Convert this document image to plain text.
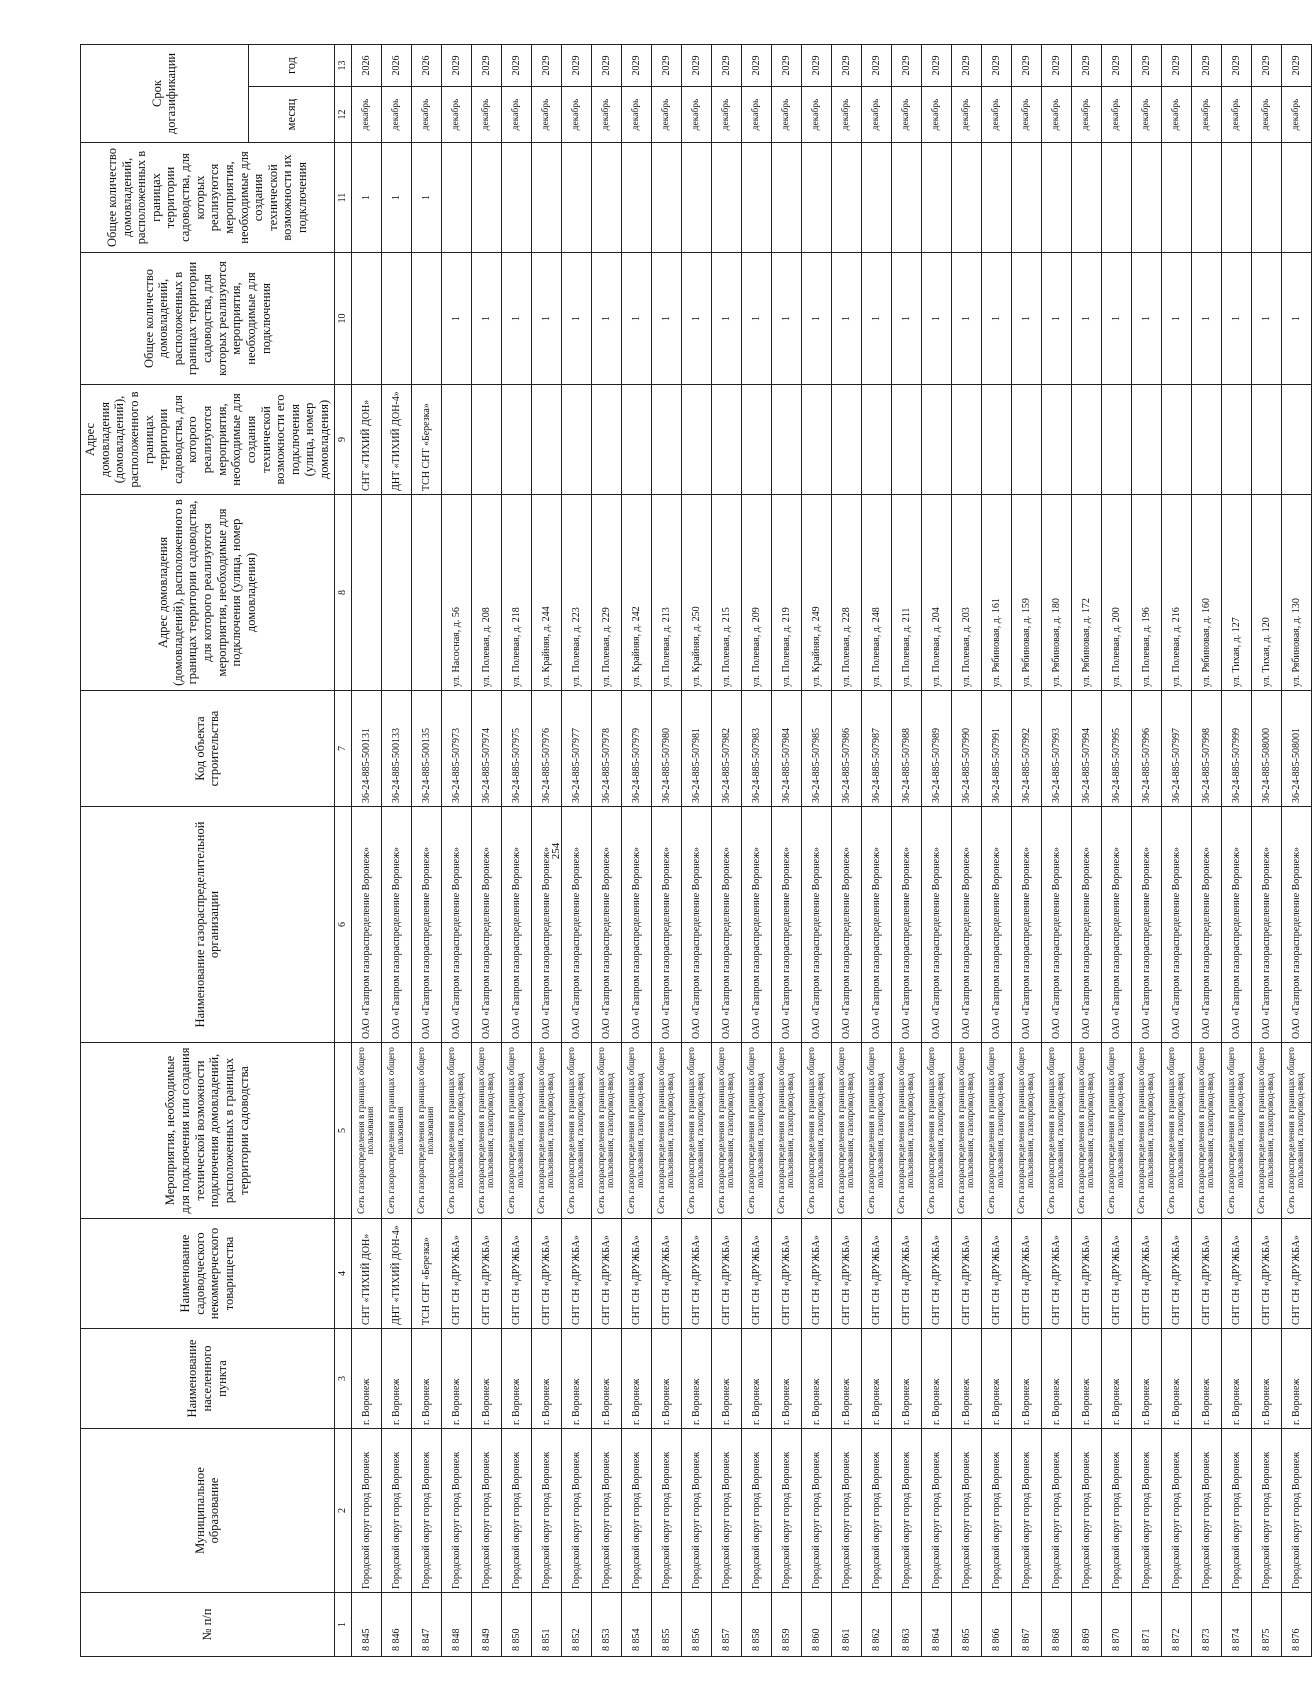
254
№ п/п	Муниципальное образование	Наименование населенного пункта	Наименование садоводческого некоммерческого товарищества	Мероприятия, необходимые для подключения или создания технической возможности подключения домовладений, расположенных в границах территории садоводства	Наименование газораспределительной организации	Код объекта строительства	Адрес домовладения (домовладений), расположенного в границах территории садоводства, для которого реализуются мероприятия, необходимые для подключения (улица, номер домовладения)	Адрес домовладения (домовладений), расположенного в границах территории садоводства, для которого реализуются мероприятия, необходимые для создания технической возможности его подключения (улица, номер домовладения)	Общее количество домовладений, расположенных в границах территории садоводства, для которых реализуются мероприятия, необходимые для подключения	Общее количество домовладений, расположенных в границах территории садоводства, для которых реализуются мероприятия, необходимые для создания технической возможности их подключения	Срок догазификации	
											месяц	год
1	2	3	4	5	6	7	8	9	10	11	12	13
8 845	Городской округ город Воронеж	г. Воронеж	СНТ «ТИХИЙ ДОН»	Сеть газораспределения в границах общего пользования	ОАО «Газпром газораспределение Воронеж»	36-24-885-500131		СНТ «ТИХИЙ ДОН»		1	декабрь	2026
8 846	Городской округ город Воронеж	г. Воронеж	ДНТ «ТИХИЙ ДОН-4»	Сеть газораспределения в границах общего пользования	ОАО «Газпром газораспределение Воронеж»	36-24-885-500133		ДНТ «ТИХИЙ ДОН-4»		1	декабрь	2026
8 847	Городской округ город Воронеж	г. Воронеж	ТСН СНТ «Березка»	Сеть газораспределения в границах общего пользования	ОАО «Газпром газораспределение Воронеж»	36-24-885-500135		ТСН СНТ «Березка»		1	декабрь	2026
8 848	Городской округ город Воронеж	г. Воронеж	СНТ СН «ДРУЖБА»	Сеть газораспределения в границах общего пользования, газопровод-ввод	ОАО «Газпром газораспределение Воронеж»	36-24-885-507973	ул. Насосная, д. 56		1		декабрь	2029
8 849	Городской округ город Воронеж	г. Воронеж	СНТ СН «ДРУЖБА»	Сеть газораспределения в границах общего пользования, газопровод-ввод	ОАО «Газпром газораспределение Воронеж»	36-24-885-507974	ул. Полевая, д. 208		1		декабрь	2029
8 850	Городской округ город Воронеж	г. Воронеж	СНТ СН «ДРУЖБА»	Сеть газораспределения в границах общего пользования, газопровод-ввод	ОАО «Газпром газораспределение Воронеж»	36-24-885-507975	ул. Полевая, д. 218		1		декабрь	2029
8 851	Городской округ город Воронеж	г. Воронеж	СНТ СН «ДРУЖБА»	Сеть газораспределения в границах общего пользования, газопровод-ввод	ОАО «Газпром газораспределение Воронеж»	36-24-885-507976	ул. Крайняя, д. 244		1		декабрь	2029
8 852	Городской округ город Воронеж	г. Воронеж	СНТ СН «ДРУЖБА»	Сеть газораспределения в границах общего пользования, газопровод-ввод	ОАО «Газпром газораспределение Воронеж»	36-24-885-507977	ул. Полевая, д. 223		1		декабрь	2029
8 853	Городской округ город Воронеж	г. Воронеж	СНТ СН «ДРУЖБА»	Сеть газораспределения в границах общего пользования, газопровод-ввод	ОАО «Газпром газораспределение Воронеж»	36-24-885-507978	ул. Полевая, д. 229		1		декабрь	2029
8 854	Городской округ город Воронеж	г. Воронеж	СНТ СН «ДРУЖБА»	Сеть газораспределения в границах общего пользования, газопровод-ввод	ОАО «Газпром газораспределение Воронеж»	36-24-885-507979	ул. Крайняя, д. 242		1		декабрь	2029
8 855	Городской округ город Воронеж	г. Воронеж	СНТ СН «ДРУЖБА»	Сеть газораспределения в границах общего пользования, газопровод-ввод	ОАО «Газпром газораспределение Воронеж»	36-24-885-507980	ул. Полевая, д. 213		1		декабрь	2029
8 856	Городской округ город Воронеж	г. Воронеж	СНТ СН «ДРУЖБА»	Сеть газораспределения в границах общего пользования, газопровод-ввод	ОАО «Газпром газораспределение Воронеж»	36-24-885-507981	ул. Крайняя, д. 250		1		декабрь	2029
8 857	Городской округ город Воронеж	г. Воронеж	СНТ СН «ДРУЖБА»	Сеть газораспределения в границах общего пользования, газопровод-ввод	ОАО «Газпром газораспределение Воронеж»	36-24-885-507982	ул. Полевая, д. 215		1		декабрь	2029
8 858	Городской округ город Воронеж	г. Воронеж	СНТ СН «ДРУЖБА»	Сеть газораспределения в границах общего пользования, газопровод-ввод	ОАО «Газпром газораспределение Воронеж»	36-24-885-507983	ул. Полевая, д. 209		1		декабрь	2029
8 859	Городской округ город Воронеж	г. Воронеж	СНТ СН «ДРУЖБА»	Сеть газораспределения в границах общего пользования, газопровод-ввод	ОАО «Газпром газораспределение Воронеж»	36-24-885-507984	ул. Полевая, д. 219		1		декабрь	2029
8 860	Городской округ город Воронеж	г. Воронеж	СНТ СН «ДРУЖБА»	Сеть газораспределения в границах общего пользования, газопровод-ввод	ОАО «Газпром газораспределение Воронеж»	36-24-885-507985	ул. Крайняя, д. 249		1		декабрь	2029
8 861	Городской округ город Воронеж	г. Воронеж	СНТ СН «ДРУЖБА»	Сеть газораспределения в границах общего пользования, газопровод-ввод	ОАО «Газпром газораспределение Воронеж»	36-24-885-507986	ул. Полевая, д. 228		1		декабрь	2029
8 862	Городской округ город Воронеж	г. Воронеж	СНТ СН «ДРУЖБА»	Сеть газораспределения в границах общего пользования, газопровод-ввод	ОАО «Газпром газораспределение Воронеж»	36-24-885-507987	ул. Полевая, д. 248		1		декабрь	2029
8 863	Городской округ город Воронеж	г. Воронеж	СНТ СН «ДРУЖБА»	Сеть газораспределения в границах общего пользования, газопровод-ввод	ОАО «Газпром газораспределение Воронеж»	36-24-885-507988	ул. Полевая, д. 211		1		декабрь	2029
8 864	Городской округ город Воронеж	г. Воронеж	СНТ СН «ДРУЖБА»	Сеть газораспределения в границах общего пользования, газопровод-ввод	ОАО «Газпром газораспределение Воронеж»	36-24-885-507989	ул. Полевая, д. 204		1		декабрь	2029
8 865	Городской округ город Воронеж	г. Воронеж	СНТ СН «ДРУЖБА»	Сеть газораспределения в границах общего пользования, газопровод-ввод	ОАО «Газпром газораспределение Воронеж»	36-24-885-507990	ул. Полевая, д. 203		1		декабрь	2029
8 866	Городской округ город Воронеж	г. Воронеж	СНТ СН «ДРУЖБА»	Сеть газораспределения в границах общего пользования, газопровод-ввод	ОАО «Газпром газораспределение Воронеж»	36-24-885-507991	ул. Рябиновая, д. 161		1		декабрь	2029
8 867	Городской округ город Воронеж	г. Воронеж	СНТ СН «ДРУЖБА»	Сеть газораспределения в границах общего пользования, газопровод-ввод	ОАО «Газпром газораспределение Воронеж»	36-24-885-507992	ул. Рябиновая, д. 159		1		декабрь	2029
8 868	Городской округ город Воронеж	г. Воронеж	СНТ СН «ДРУЖБА»	Сеть газораспределения в границах общего пользования, газопровод-ввод	ОАО «Газпром газораспределение Воронеж»	36-24-885-507993	ул. Рябиновая, д. 180		1		декабрь	2029
8 869	Городской округ город Воронеж	г. Воронеж	СНТ СН «ДРУЖБА»	Сеть газораспределения в границах общего пользования, газопровод-ввод	ОАО «Газпром газораспределение Воронеж»	36-24-885-507994	ул. Рябиновая, д. 172		1		декабрь	2029
8 870	Городской округ город Воронеж	г. Воронеж	СНТ СН «ДРУЖБА»	Сеть газораспределения в границах общего пользования, газопровод-ввод	ОАО «Газпром газораспределение Воронеж»	36-24-885-507995	ул. Полевая, д. 200		1		декабрь	2029
8 871	Городской округ город Воронеж	г. Воронеж	СНТ СН «ДРУЖБА»	Сеть газораспределения в границах общего пользования, газопровод-ввод	ОАО «Газпром газораспределение Воронеж»	36-24-885-507996	ул. Полевая, д. 196		1		декабрь	2029
8 872	Городской округ город Воронеж	г. Воронеж	СНТ СН «ДРУЖБА»	Сеть газораспределения в границах общего пользования, газопровод-ввод	ОАО «Газпром газораспределение Воронеж»	36-24-885-507997	ул. Полевая, д. 216		1		декабрь	2029
8 873	Городской округ город Воронеж	г. Воронеж	СНТ СН «ДРУЖБА»	Сеть газораспределения в границах общего пользования, газопровод-ввод	ОАО «Газпром газораспределение Воронеж»	36-24-885-507998	ул. Рябиновая, д. 160		1		декабрь	2029
8 874	Городской округ город Воронеж	г. Воронеж	СНТ СН «ДРУЖБА»	Сеть газораспределения в границах общего пользования, газопровод-ввод	ОАО «Газпром газораспределение Воронеж»	36-24-885-507999	ул. Тихая, д. 127		1		декабрь	2029
8 875	Городской округ город Воронеж	г. Воронеж	СНТ СН «ДРУЖБА»	Сеть газораспределения в границах общего пользования, газопровод-ввод	ОАО «Газпром газораспределение Воронеж»	36-24-885-508000	ул. Тихая, д. 120		1		декабрь	2029
8 876	Городской округ город Воронеж	г. Воронеж	СНТ СН «ДРУЖБА»	Сеть газораспределения в границах общего пользования, газопровод-ввод	ОАО «Газпром газораспределение Воронеж»	36-24-885-508001	ул. Рябиновая, д. 130		1		декабрь	2029
